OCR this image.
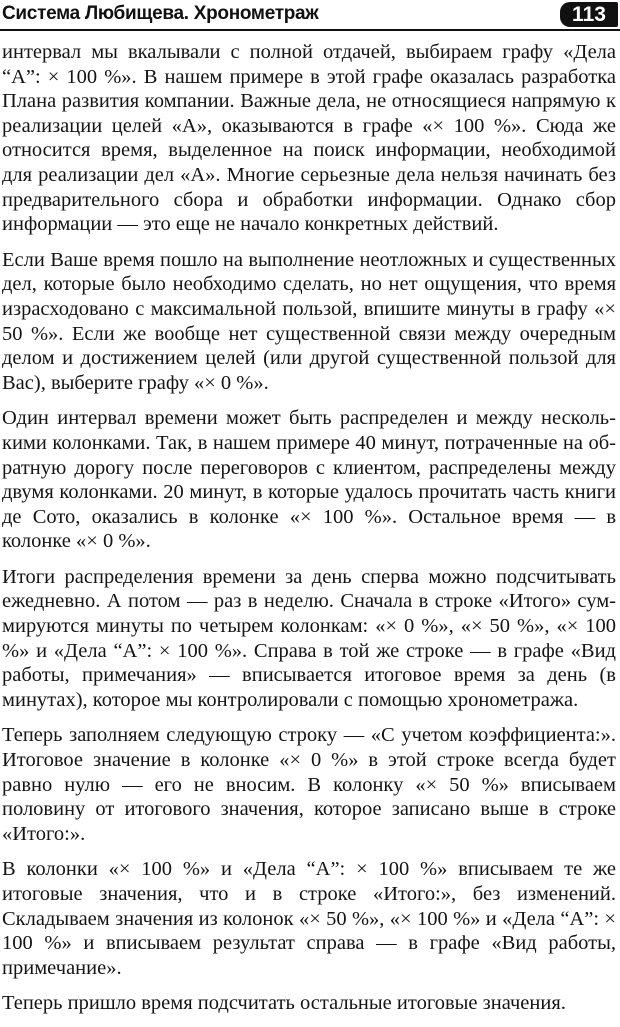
Система Любищева. Хронометраж	113

интервал мы вкалывали с полной отдачей, выбираем графу «Дела “А”: × 100 %». В нашем примере в этой графе оказалась разработка Плана развития компании. Важные дела, не относящиеся напрямую к реализации целей «А», оказываются в графе «× 100 %». Сюда же относится время, выделенное на поиск информации, необходимой для реализации дел «А». Многие серьезные дела нельзя начинать без предварительного сбора и обработки информации. Однако сбор информации — это еще не начало конкретных действий.

Если Ваше время пошло на выполнение неотложных и существенных дел, которые было необходимо сделать, но нет ощущения, что время израсходовано с максимальной пользой, впишите минуты в графу «× 50 %». Если же вообще нет существенной связи между очередным делом и достижением целей (или другой существенной пользой для Вас), выберите графу «× 0 %».

Один интервал времени может быть распределен и между несколькими колонками. Так, в нашем примере 40 минут, потраченные на обратную дорогу после переговоров с клиентом, распределены между двумя колонками. 20 минут, в которые удалось прочитать часть книги де Сото, оказались в колонке «× 100 %». Остальное время — в колонке «× 0 %».

Итоги распределения времени за день сперва можно подсчитывать ежедневно. А потом — раз в неделю. Сначала в строке «Итого» суммируются минуты по четырем колонкам: «× 0 %», «× 50 %», «× 100 %» и «Дела “А”: × 100 %». Справа в той же строке — в графе «Вид работы, примечания» — вписывается итоговое время за день (в минутах), которое мы контролировали с помощью хронометража.

Теперь заполняем следующую строку — «С учетом коэффициента:». Итоговое значение в колонке «× 0 %» в этой строке всегда будет равно нулю — его не вносим. В колонку «× 50 %» вписываем половину от итогового значения, которое записано выше в строке «Итого:».

В колонки «× 100 %» и «Дела “А”: × 100 %» вписываем те же итоговые значения, что и в строке «Итого:», без изменений. Складываем значения из колонок «× 50 %», «× 100 %» и «Дела “А”: × 100 %» и вписываем результат справа — в графе «Вид работы, примечание».

Теперь пришло время подсчитать остальные итоговые значения.
